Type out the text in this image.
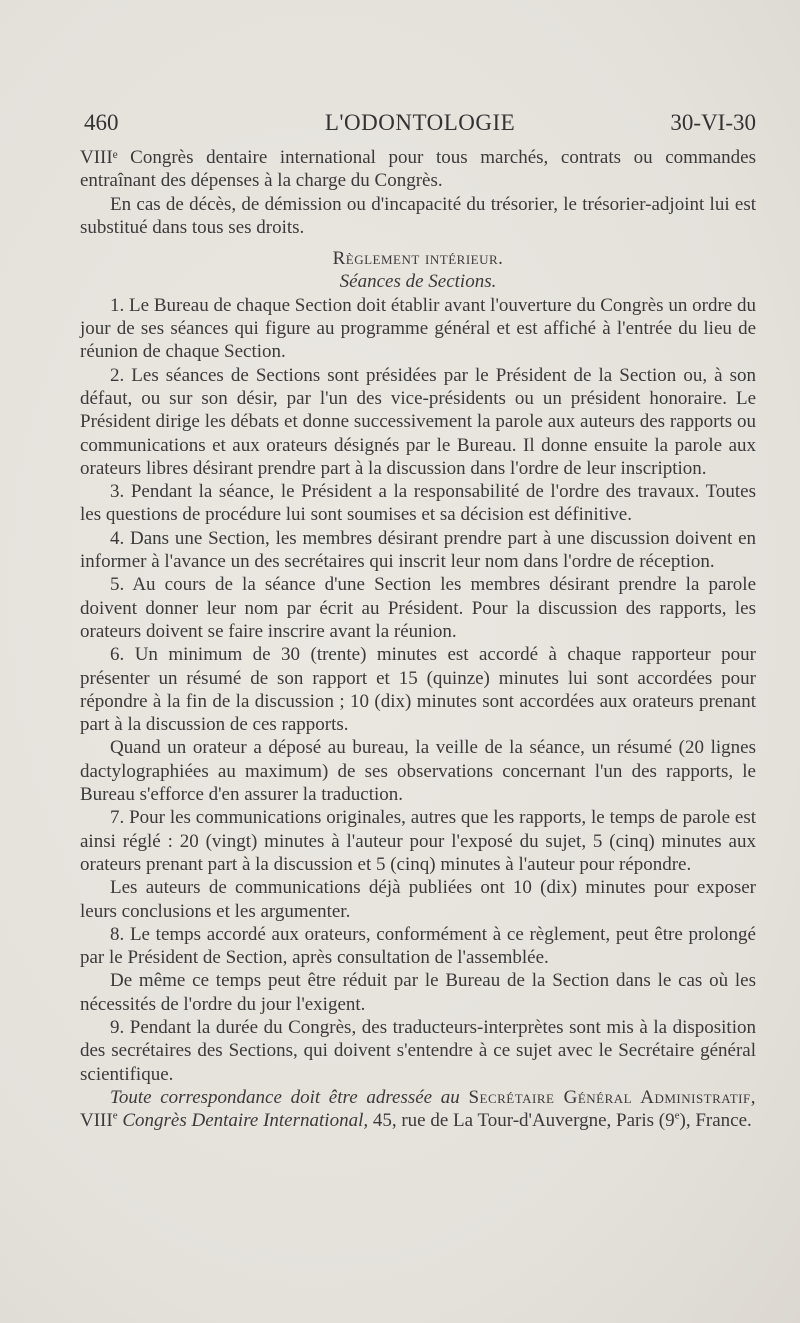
460	L'ODONTOLOGIE	30-VI-30

VIIIᵉ Congrès dentaire international pour tous marchés, contrats ou commandes entraînant des dépenses à la charge du Congrès.

En cas de décès, de démission ou d'incapacité du trésorier, le trésorier-adjoint lui est substitué dans tous ses droits.

Règlement intérieur.

Séances de Sections.

1. Le Bureau de chaque Section doit établir avant l'ouverture du Congrès un ordre du jour de ses séances qui figure au programme général et est affiché à l'entrée du lieu de réunion de chaque Section.

2. Les séances de Sections sont présidées par le Président de la Section ou, à son défaut, ou sur son désir, par l'un des vice-présidents ou un président honoraire. Le Président dirige les débats et donne successivement la parole aux auteurs des rapports ou communications et aux orateurs désignés par le Bureau. Il donne ensuite la parole aux orateurs libres désirant prendre part à la discussion dans l'ordre de leur inscription.

3. Pendant la séance, le Président a la responsabilité de l'ordre des travaux. Toutes les questions de procédure lui sont soumises et sa décision est définitive.

4. Dans une Section, les membres désirant prendre part à une discussion doivent en informer à l'avance un des secrétaires qui inscrit leur nom dans l'ordre de réception.

5. Au cours de la séance d'une Section les membres désirant prendre la parole doivent donner leur nom par écrit au Président. Pour la discussion des rapports, les orateurs doivent se faire inscrire avant la réunion.

6. Un minimum de 30 (trente) minutes est accordé à chaque rapporteur pour présenter un résumé de son rapport et 15 (quinze) minutes lui sont accordées pour répondre à la fin de la discussion ; 10 (dix) minutes sont accordées aux orateurs prenant part à la discussion de ces rapports.

Quand un orateur a déposé au bureau, la veille de la séance, un résumé (20 lignes dactylographiées au maximum) de ses observations concernant l'un des rapports, le Bureau s'efforce d'en assurer la traduction.

7. Pour les communications originales, autres que les rapports, le temps de parole est ainsi réglé : 20 (vingt) minutes à l'auteur pour l'exposé du sujet, 5 (cinq) minutes aux orateurs prenant part à la discussion et 5 (cinq) minutes à l'auteur pour répondre.

Les auteurs de communications déjà publiées ont 10 (dix) minutes pour exposer leurs conclusions et les argumenter.

8. Le temps accordé aux orateurs, conformément à ce règlement, peut être prolongé par le Président de Section, après consultation de l'assemblée.

De même ce temps peut être réduit par le Bureau de la Section dans le cas où les nécessités de l'ordre du jour l'exigent.

9. Pendant la durée du Congrès, des traducteurs-interprètes sont mis à la disposition des secrétaires des Sections, qui doivent s'entendre à ce sujet avec le Secrétaire général scientifique.

Toute correspondance doit être adressée au Secrétaire Général Administratif, VIIIe Congrès Dentaire International, 45, rue de La Tour-d'Auvergne, Paris (9e), France.
